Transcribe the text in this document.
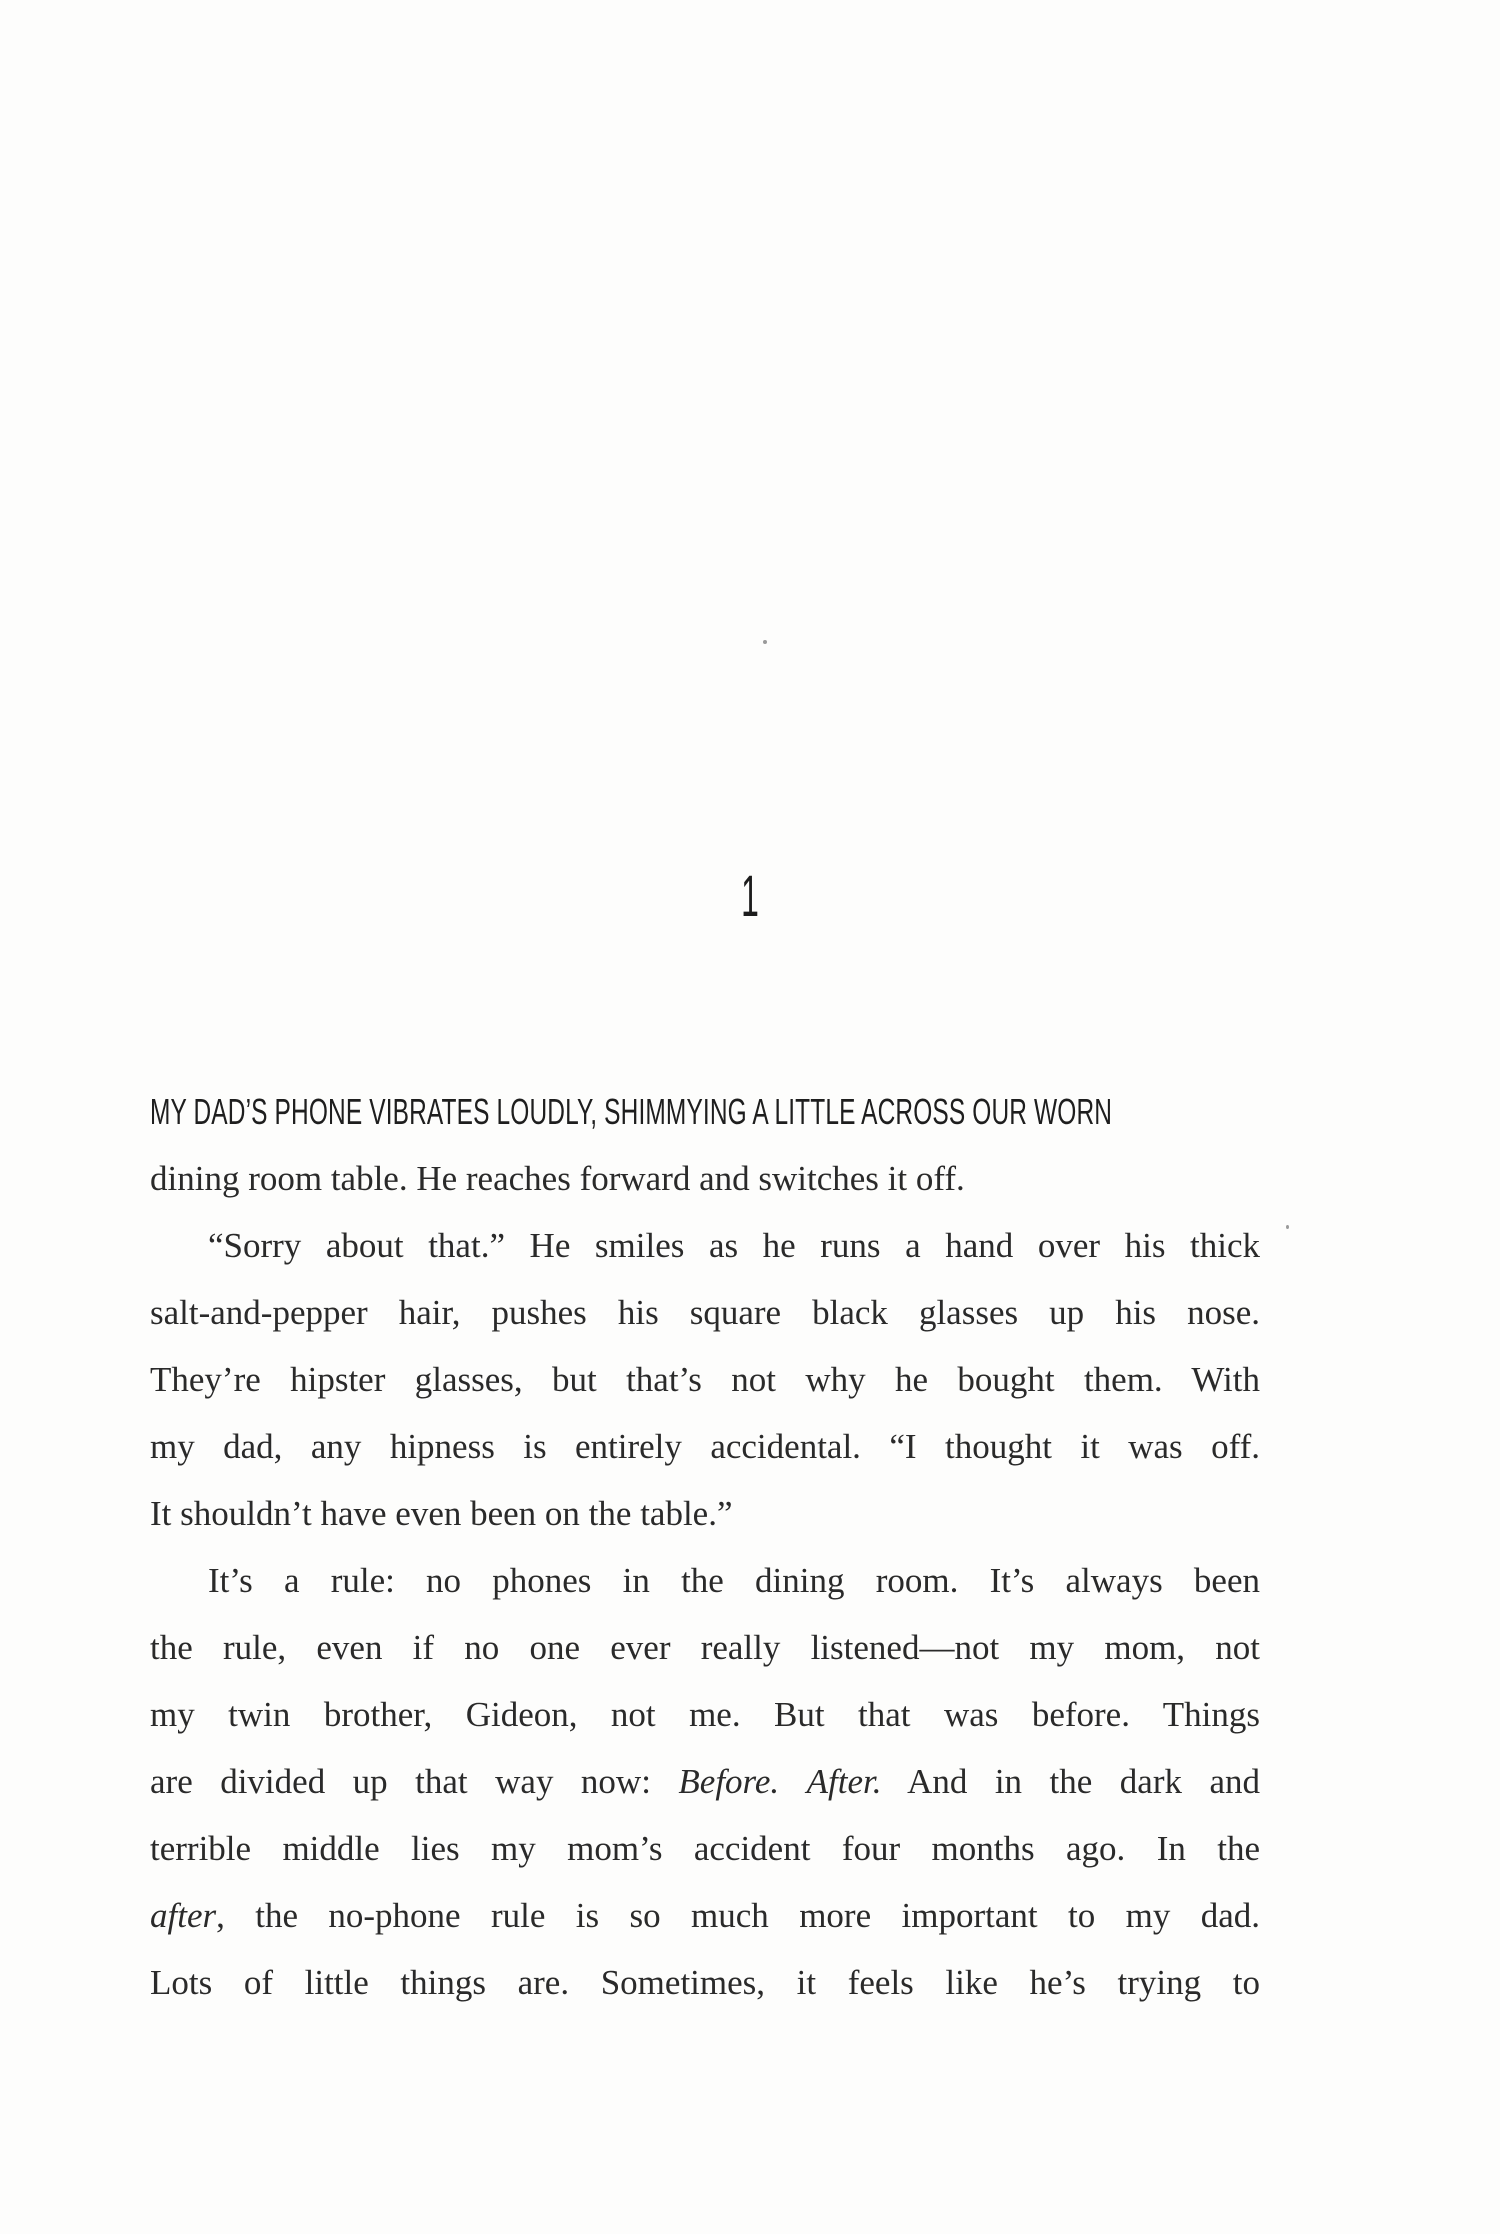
1
MY DAD’S PHONE VIBRATES LOUDLY, SHIMMYING A LITTLE ACROSS OUR WORN
dining room table. He reaches forward and switches it off.
“Sorry about that.” He smiles as he runs a hand over his thick
salt-and-pepper hair, pushes his square black glasses up his nose.
They’re hipster glasses, but that’s not why he bought them. With
my dad, any hipness is entirely accidental. “I thought it was off.
It shouldn’t have even been on the table.”
It’s a rule: no phones in the dining room. It’s always been
the rule, even if no one ever really listened—not my mom, not
my twin brother, Gideon, not me. But that was before. Things
are divided up that way now: Before. After. And in the dark and
terrible middle lies my mom’s accident four months ago. In the
after, the no-phone rule is so much more important to my dad.
Lots of little things are. Sometimes, it feels like he’s trying to
